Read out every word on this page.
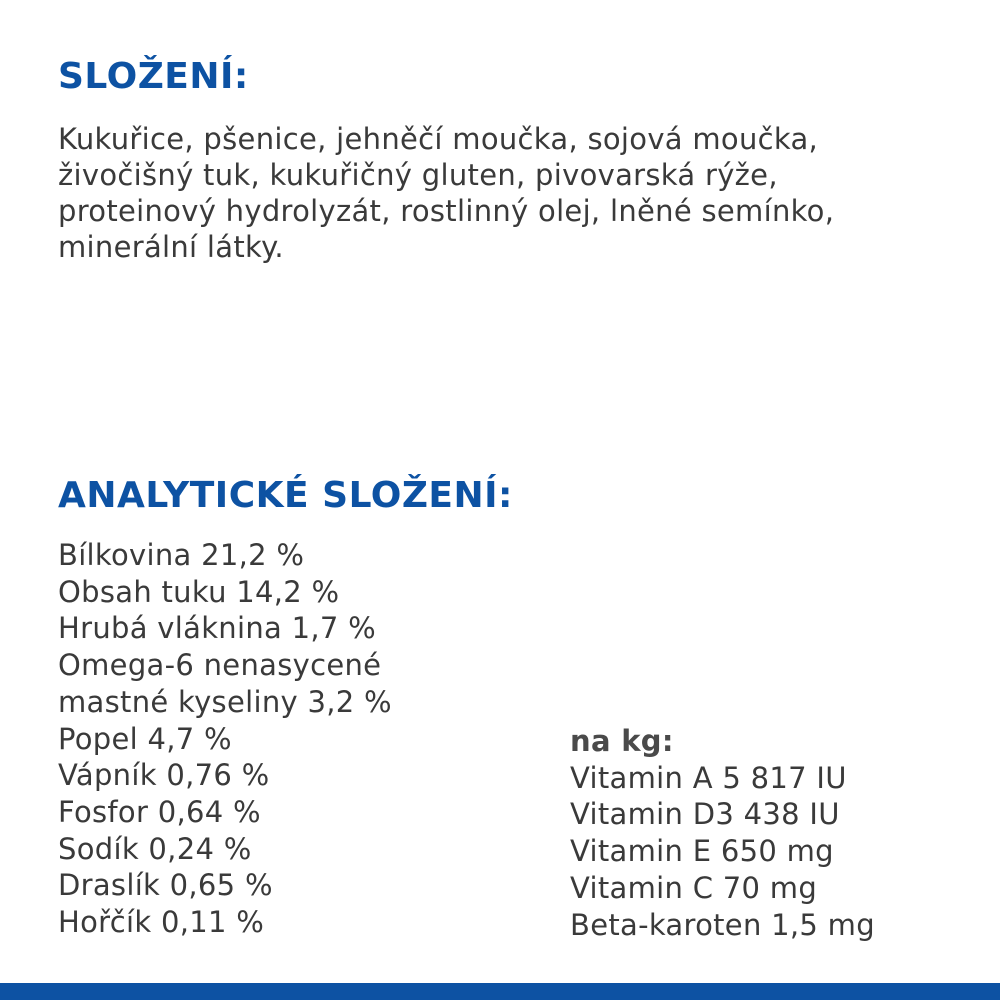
SLOŽENÍ:

Kukuřice, pšenice, jehněčí moučka, sojová moučka, živočišný tuk, kukuřičný gluten, pivovarská rýže, proteinový hydrolyzát, rostlinný olej, lněné semínko, minerální látky.

ANALYTICKÉ SLOŽENÍ:
Bílkovina 21,2 %
Obsah tuku 14,2 %
Hrubá vláknina 1,7 %
Omega-6 nenasycené
mastné kyseliny 3,2 %
Popel 4,7 %
Vápník 0,76 %
Fosfor 0,64 %
Sodík 0,24 %
Draslík 0,65 %
Hořčík 0,11 %
na kg:
Vitamin A 5 817 IU
Vitamin D3 438 IU
Vitamin E 650 mg
Vitamin C 70 mg
Beta-karoten 1,5 mg
